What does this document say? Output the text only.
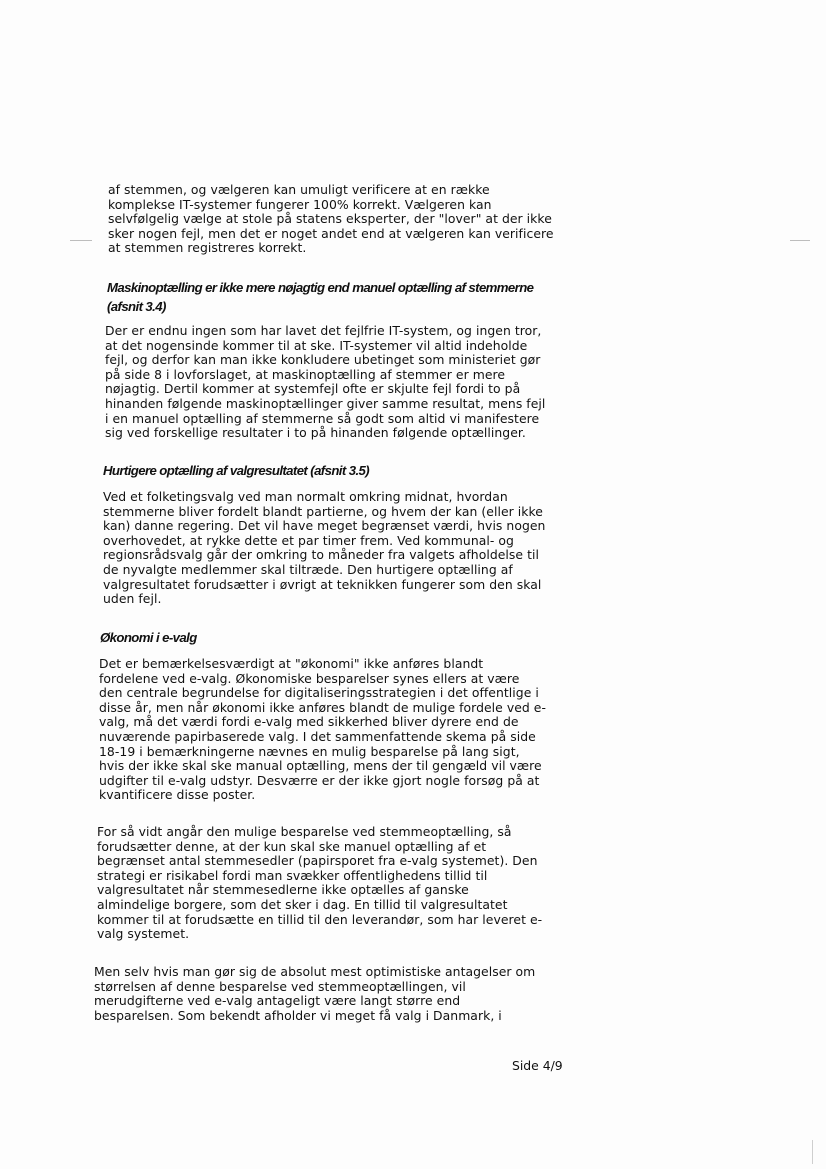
af stemmen, og vælgeren kan umuligt verificere at en række
komplekse IT-systemer fungerer 100% korrekt. Vælgeren kan
selvfølgelig vælge at stole på statens eksperter, der "lover" at der ikke
sker nogen fejl, men det er noget andet end at vælgeren kan verificere
at stemmen registreres korrekt.
Maskinoptælling er ikke mere nøjagtig end manuel optælling af stemmerne
(afsnit 3.4)
Der er endnu ingen som har lavet det fejlfrie IT-system, og ingen tror,
at det nogensinde kommer til at ske. IT-systemer vil altid indeholde
fejl, og derfor kan man ikke konkludere ubetinget som ministeriet gør
på side 8 i lovforslaget, at maskinoptælling af stemmer er mere
nøjagtig. Dertil kommer at systemfejl ofte er skjulte fejl fordi to på
hinanden følgende maskinoptællinger giver samme resultat, mens fejl
i en manuel optælling af stemmerne så godt som altid vi manifestere
sig ved forskellige resultater i to på hinanden følgende optællinger.
Hurtigere optælling af valgresultatet (afsnit 3.5)
Ved et folketingsvalg ved man normalt omkring midnat, hvordan
stemmerne bliver fordelt blandt partierne, og hvem der kan (eller ikke
kan) danne regering. Det vil have meget begrænset værdi, hvis nogen
overhovedet, at rykke dette et par timer frem. Ved kommunal- og
regionsrådsvalg går der omkring to måneder fra valgets afholdelse til
de nyvalgte medlemmer skal tiltræde. Den hurtigere optælling af
valgresultatet forudsætter i øvrigt at teknikken fungerer som den skal
uden fejl.
Økonomi i e-valg
Det er bemærkelsesværdigt at "økonomi" ikke anføres blandt
fordelene ved e-valg. Økonomiske besparelser synes ellers at være
den centrale begrundelse for digitaliseringsstrategien i det offentlige i
disse år, men når økonomi ikke anføres blandt de mulige fordele ved e-
valg, må det værdi fordi e-valg med sikkerhed bliver dyrere end de
nuværende papirbaserede valg. I det sammenfattende skema på side
18-19 i bemærkningerne nævnes en mulig besparelse på lang sigt,
hvis der ikke skal ske manual optælling, mens der til gengæld vil være
udgifter til e-valg udstyr. Desværre er der ikke gjort nogle forsøg på at
kvantificere disse poster.
For så vidt angår den mulige besparelse ved stemmeoptælling, så
forudsætter denne, at der kun skal ske manuel optælling af et
begrænset antal stemmesedler (papirsporet fra e-valg systemet). Den
strategi er risikabel fordi man svækker offentlighedens tillid til
valgresultatet når stemmesedlerne ikke optælles af ganske
almindelige borgere, som det sker i dag. En tillid til valgresultatet
kommer til at forudsætte en tillid til den leverandør, som har leveret e-
valg systemet.
Men selv hvis man gør sig de absolut mest optimistiske antagelser om
størrelsen af denne besparelse ved stemmeoptællingen, vil
merudgifterne ved e-valg antageligt være langt større end
besparelsen. Som bekendt afholder vi meget få valg i Danmark, i
Side 4/9
